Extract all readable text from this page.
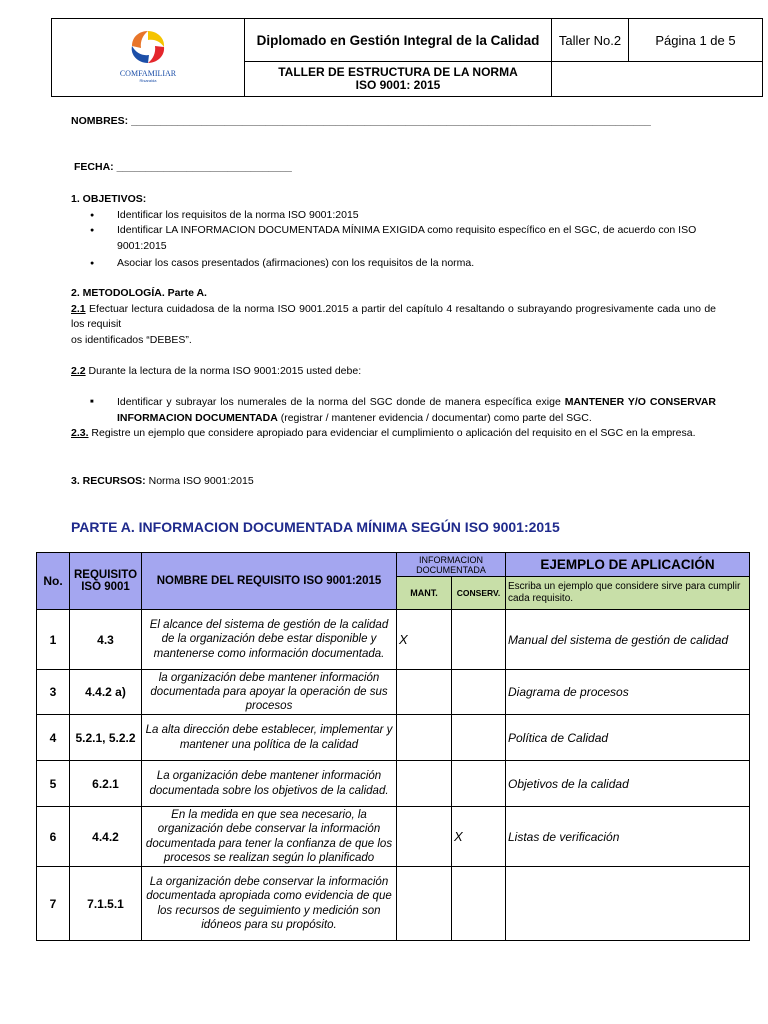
COMFAMILIAR
Risaralda	Diplomado en Gestión Integral de la Calidad	Taller No.2	Página 1 de 5

	TALLER DE ESTRUCTURA DE LA NORMA
ISO 9001: 2015		

NOMBRES: _________________________________________________________________________________________
FECHA: ______________________________
1. OBJETIVOS:
● Identificar los requisitos de la norma ISO 9001:2015
● Identificar LA INFORMACION DOCUMENTADA MÍNIMA EXIGIDA como requisito específico en el SGC, de acuerdo con ISO 9001:2015
● Asociar los casos presentados (afirmaciones) con los requisitos de la norma.
2. METODOLOGÍA. Parte A.
2.1 Efectuar lectura cuidadosa de la norma ISO 9001.2015 a partir del capítulo 4 resaltando o subrayando progresivamente cada uno de los requisit
os identificados “DEBES”.
2.2 Durante la lectura de la norma ISO 9001:2015 usted debe:
■ Identificar y subrayar los numerales de la norma del SGC donde de manera específica exige MANTENER Y/O CONSERVAR INFORMACION DOCUMENTADA (registrar / mantener evidencia / documentar) como parte del SGC.
2.3. Registre un ejemplo que considere apropiado para evidenciar el cumplimiento o aplicación del requisito en el SGC en la empresa.
3. RECURSOS: Norma ISO 9001:2015
PARTE A. INFORMACION DOCUMENTADA MÍNIMA SEGÚN ISO 9001:2015
No.	REQUISITO ISO 9001	NOMBRE DEL REQUISITO ISO 9001:2015	INFORMACION DOCUMENTADA		EJEMPLO DE APLICACIÓN
			MANT.	CONSERV.	Escriba un ejemplo que considere sirve para cumplir cada requisito.
1	4.3	El alcance del sistema de gestión de la calidad de la organización debe estar disponible y mantenerse como información documentada.	X		Manual del sistema de gestión de calidad
3	4.4.2 a)	la organización debe mantener información documentada para apoyar la operación de sus procesos			Diagrama de procesos
4	5.2.1, 5.2.2	La alta dirección debe establecer, implementar y mantener una política de la calidad			Política de Calidad
5	6.2.1	La organización debe mantener información documentada sobre los objetivos de la calidad.			Objetivos de la calidad
6	4.4.2	En la medida en que sea necesario, la organización debe conservar la información documentada para tener la confianza de que los procesos se realizan según lo planificado		X	Listas de verificación
7	7.1.5.1	La organización debe conservar la información documentada apropiada como evidencia de que los recursos de seguimiento y medición son idóneos para su propósito.			
